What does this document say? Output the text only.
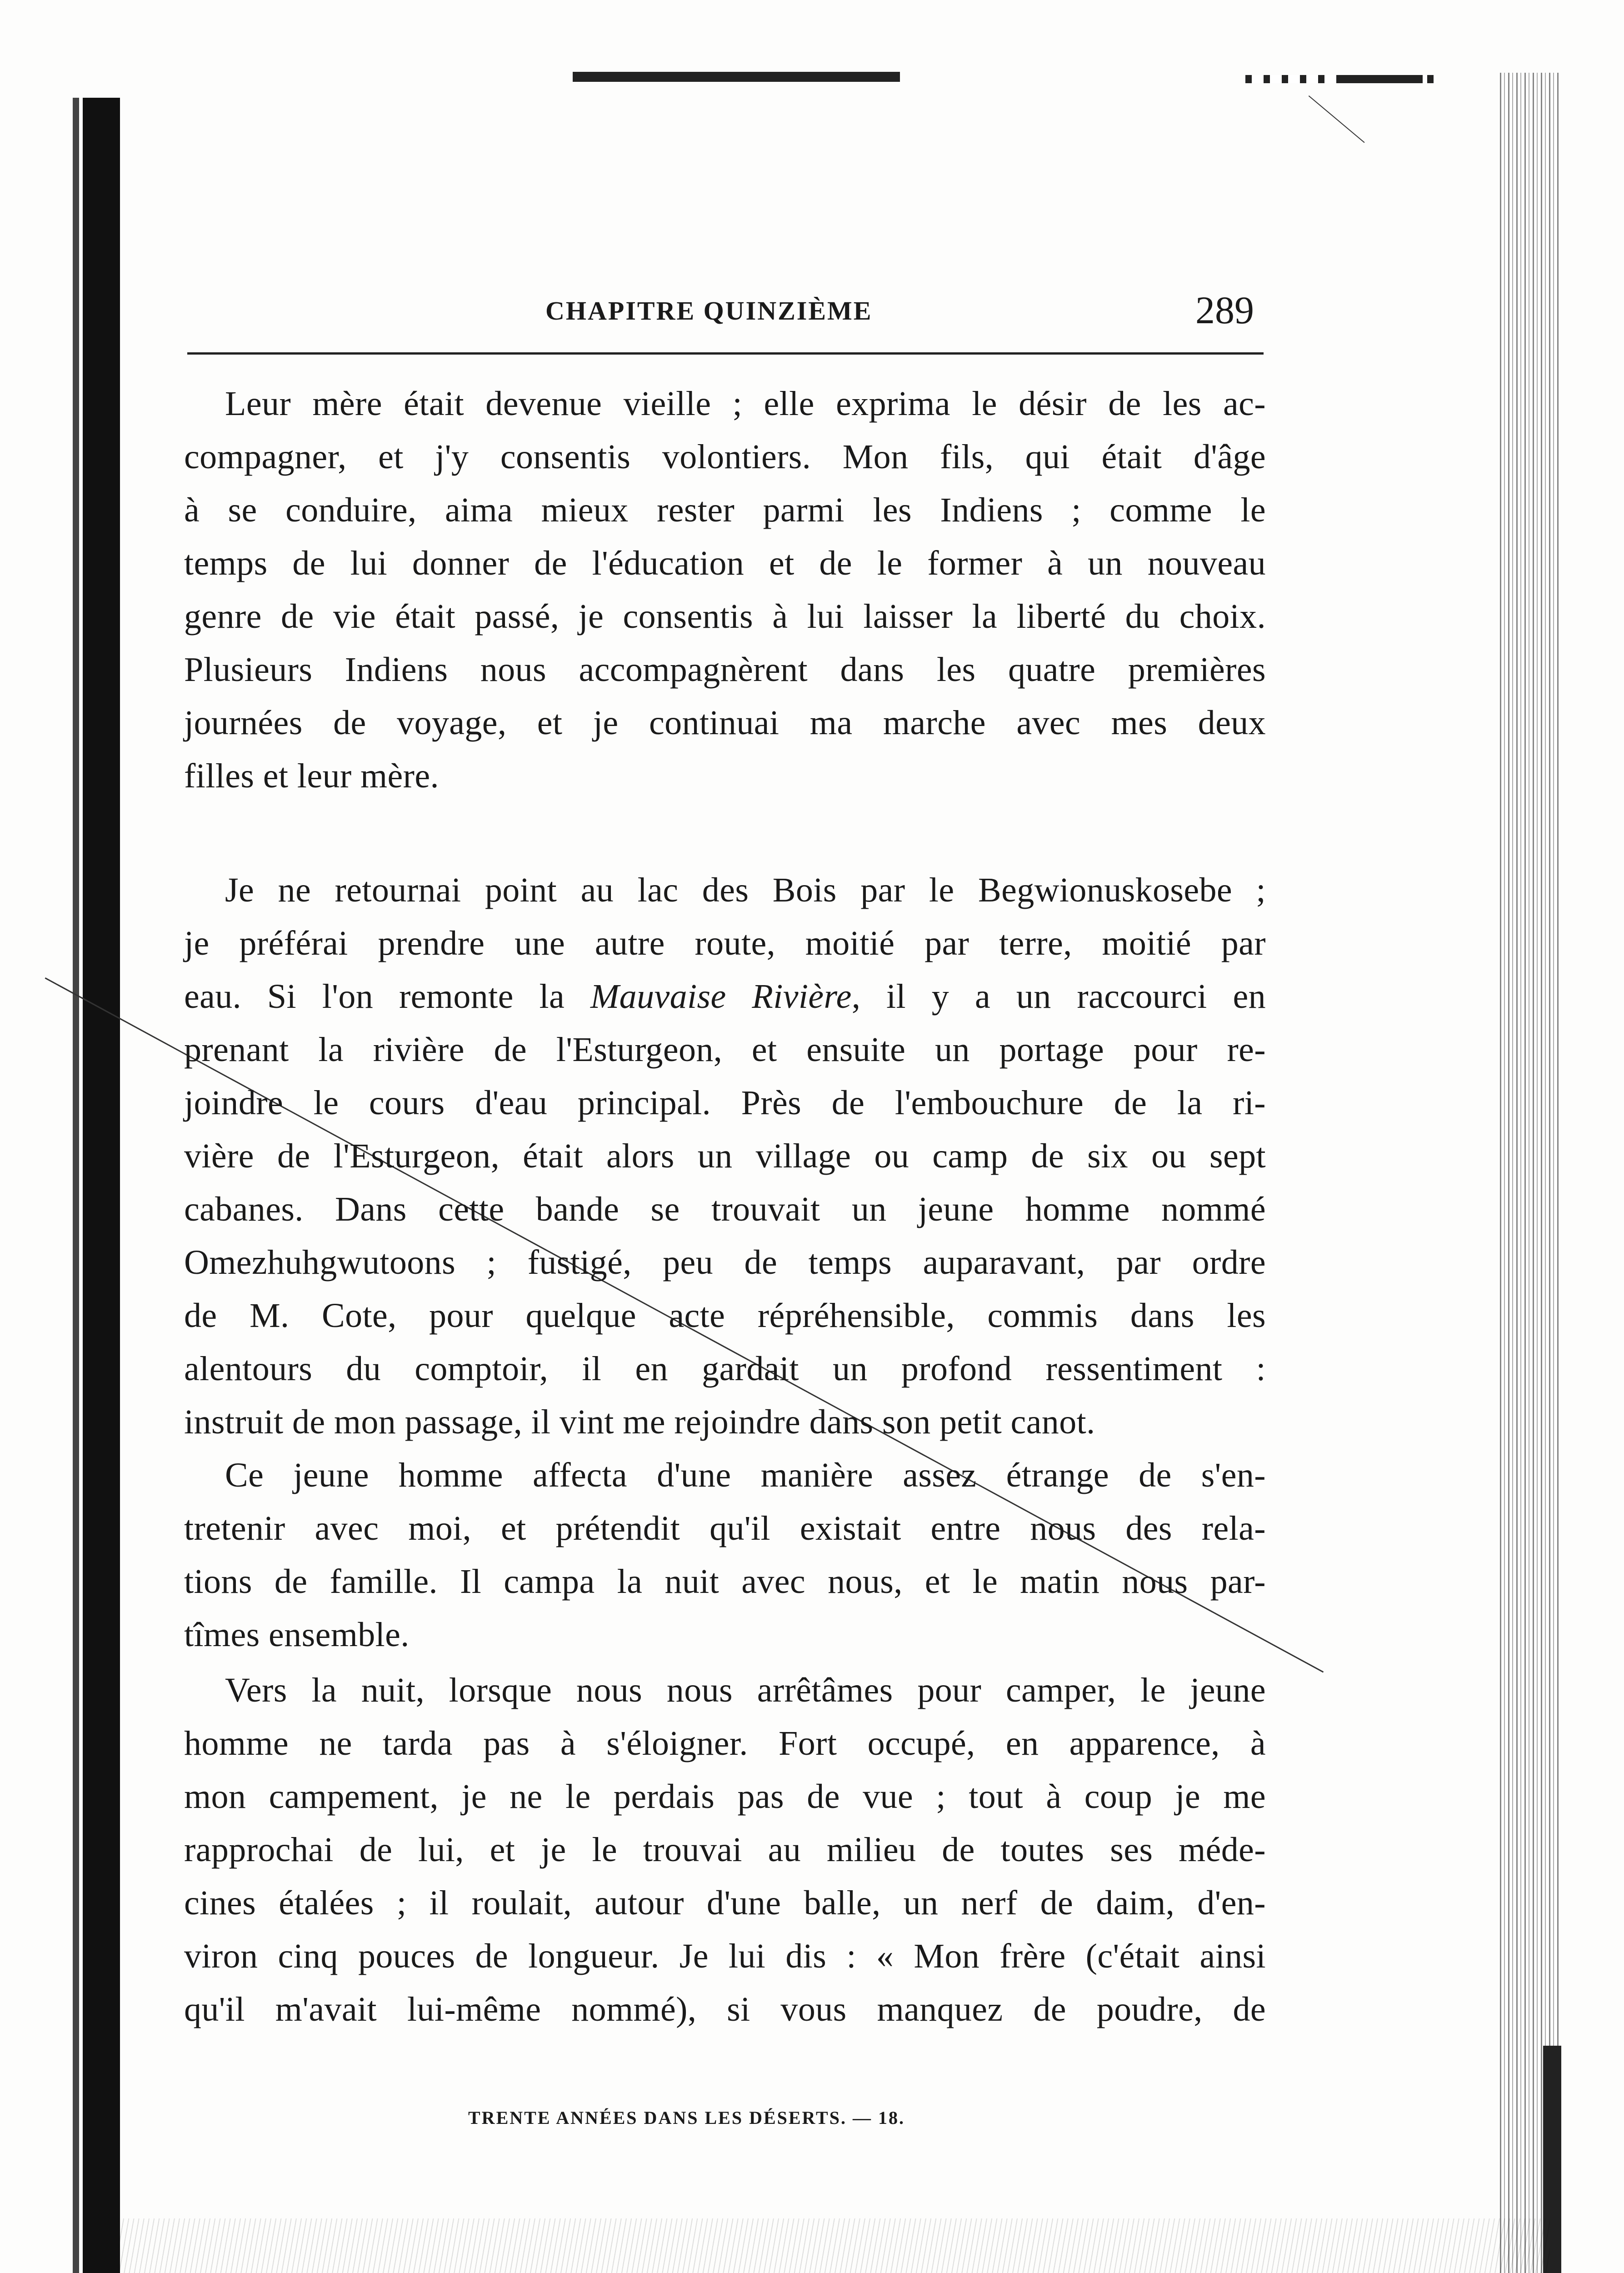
CHAPITRE QUINZIÈME	289
Leur mère était devenue vieille ; elle exprima le désir de les ac-
compagner, et j'y consentis volontiers. Mon fils, qui était d'âge
à se conduire, aima mieux rester parmi les Indiens ; comme le
temps de lui donner de l'éducation et de le former à un nouveau
genre de vie était passé, je consentis à lui laisser la liberté du choix.
Plusieurs Indiens nous accompagnèrent dans les quatre premières
journées de voyage, et je continuai ma marche avec mes deux
filles et leur mère.
Je ne retournai point au lac des Bois par le Begwionuskosebe ;
je préférai prendre une autre route, moitié par terre, moitié par
eau. Si l'on remonte la Mauvaise Rivière, il y a un raccourci en
prenant la rivière de l'Esturgeon, et ensuite un portage pour re-
joindre le cours d'eau principal. Près de l'embouchure de la ri-
vière de l'Esturgeon, était alors un village ou camp de six ou sept
cabanes. Dans cette bande se trouvait un jeune homme nommé
Omezhuhgwutoons ; fustigé, peu de temps auparavant, par ordre
de M. Cote, pour quelque acte répréhensible, commis dans les
alentours du comptoir, il en gardait un profond ressentiment :
instruit de mon passage, il vint me rejoindre dans son petit canot.
Ce jeune homme affecta d'une manière assez étrange de s'en-
tretenir avec moi, et prétendit qu'il existait entre nous des rela-
tions de famille. Il campa la nuit avec nous, et le matin nous par-
tîmes ensemble.
Vers la nuit, lorsque nous nous arrêtâmes pour camper, le jeune
homme ne tarda pas à s'éloigner. Fort occupé, en apparence, à
mon campement, je ne le perdais pas de vue ; tout à coup je me
rapprochai de lui, et je le trouvai au milieu de toutes ses méde-
cines étalées ; il roulait, autour d'une balle, un nerf de daim, d'en-
viron cinq pouces de longueur. Je lui dis : « Mon frère (c'était ainsi
qu'il m'avait lui-même nommé), si vous manquez de poudre, de
TRENTE ANNÉES DANS LES DÉSERTS. — 18.
